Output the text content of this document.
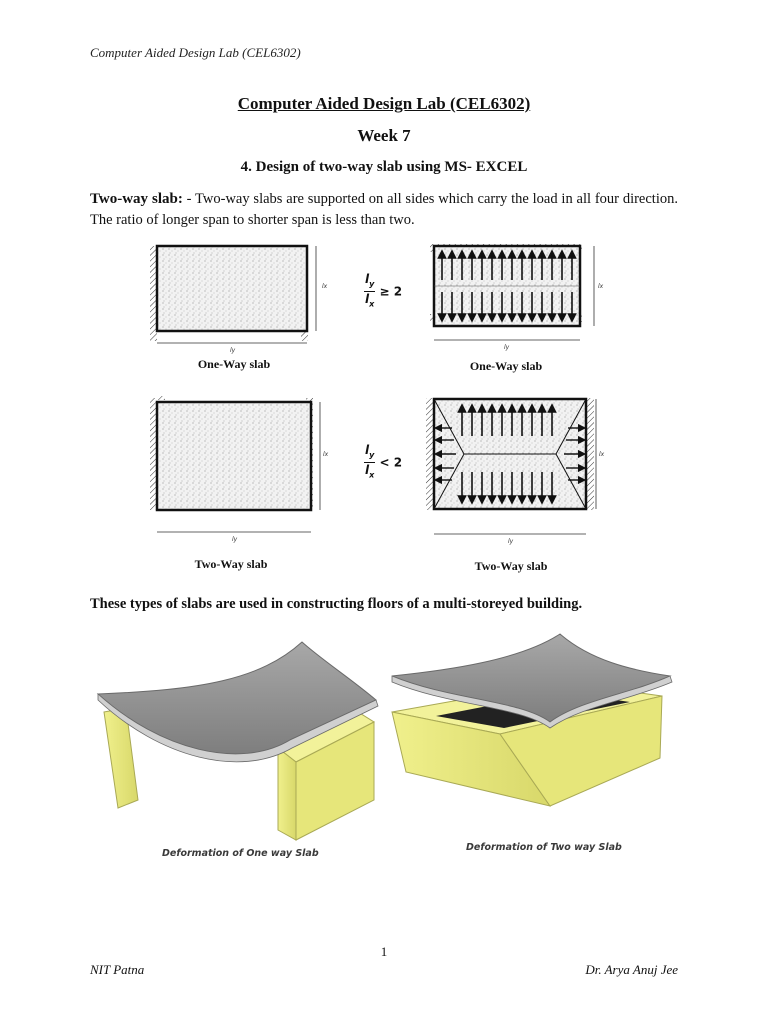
Computer Aided Design Lab (CEL6302)
Computer Aided Design Lab (CEL6302)
Week 7
4. Design of two-way slab using MS- EXCEL
Two-way slab: - Two-way slabs are supported on all sides which carry the load in all four direction. The ratio of longer span to shorter span is less than two.
lx
ly
lx
ly
lx
ly
lx
ly
$\frac{l_y}{l_x} \ge 2$
$\frac{l_y}{l_x} < 2$
One-Way slab	One-Way slab
Two-Way slab	Two-Way slab
These types of slabs are used in constructing floors of a multi-storeyed building.
Deformation of One way Slab
Deformation of Two way Slab
1
NIT Patna	Dr. Arya Anuj Jee
